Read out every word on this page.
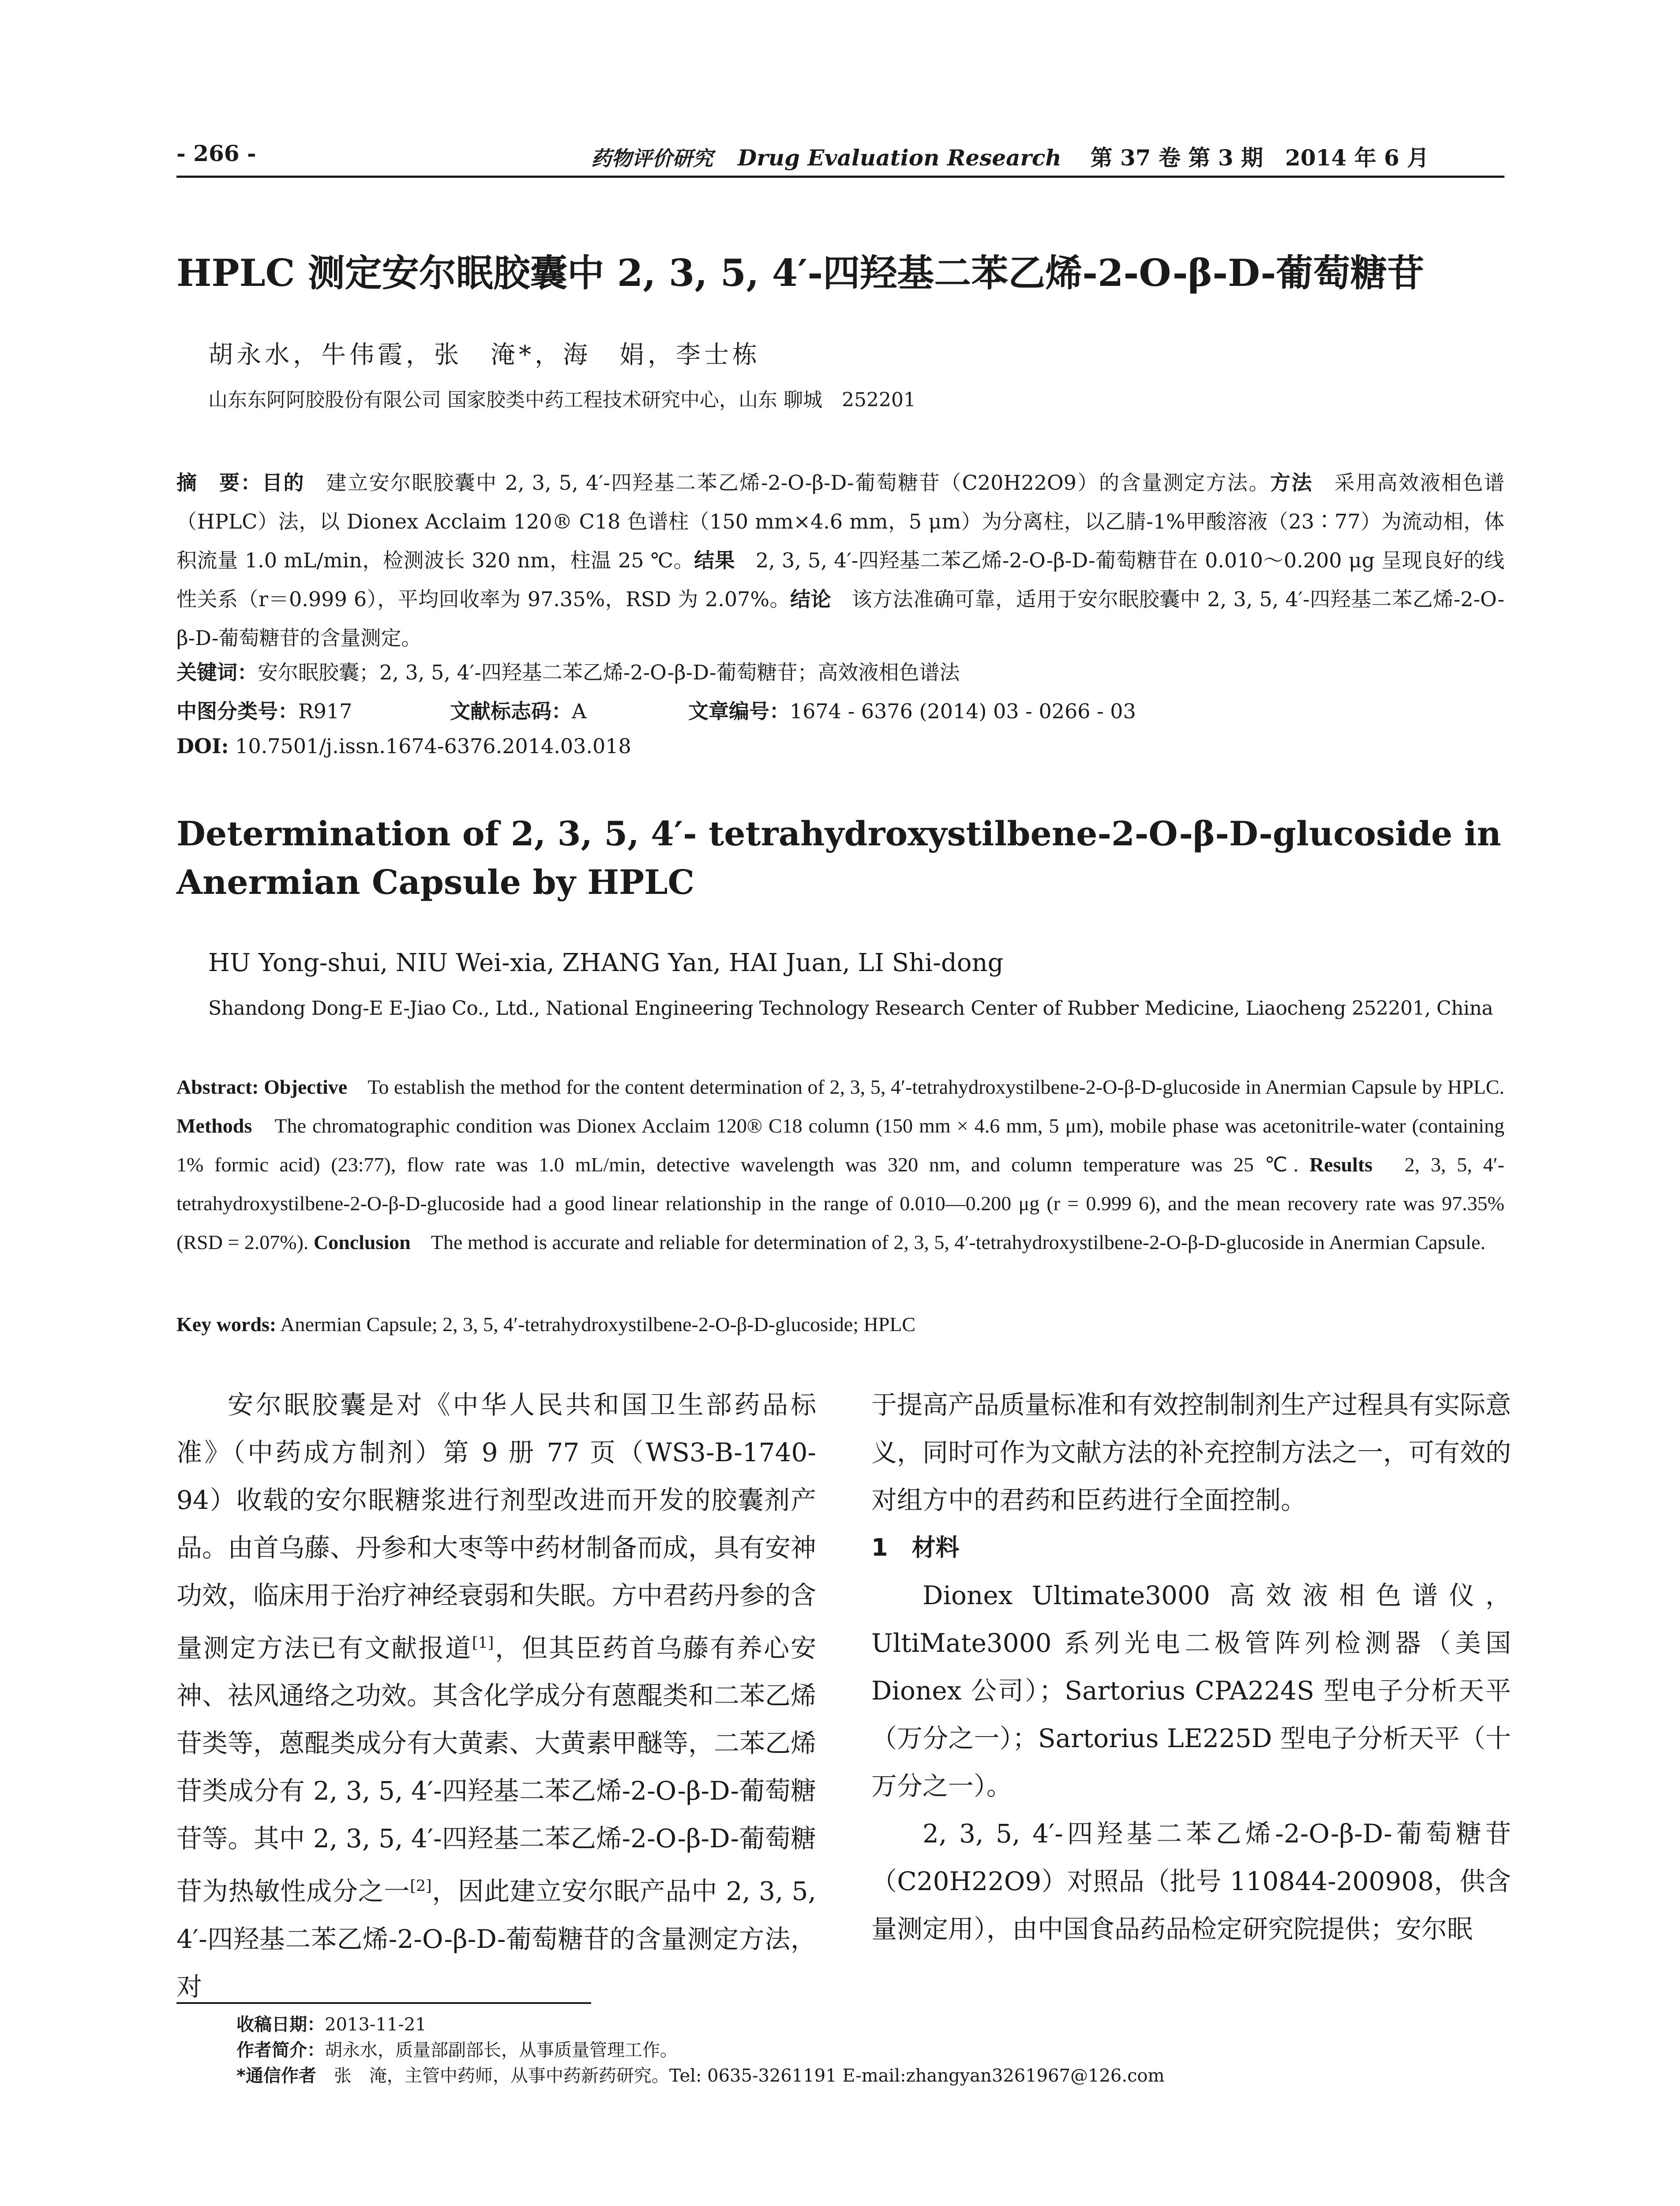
- 266 -	药物评价研究 Drug Evaluation Research 第 37 卷 第 3 期　2014 年 6 月
HPLC 测定安尔眠胶囊中 2, 3, 5, 4′-四羟基二苯乙烯-2-O-β-D-葡萄糖苷
胡永水，牛伟霞，张　淹*，海　娟，李士栋
山东东阿阿胶股份有限公司 国家胶类中药工程技术研究中心，山东 聊城　252201
摘　要：目的　建立安尔眠胶囊中 2, 3, 5, 4′-四羟基二苯乙烯-2-O-β-D-葡萄糖苷（C20H22O9）的含量测定方法。方法　采用高效液相色谱（HPLC）法，以 Dionex Acclaim 120® C18 色谱柱（150 mm×4.6 mm，5 μm）为分离柱，以乙腈-1%甲酸溶液（23∶77）为流动相，体积流量 1.0 mL/min，检测波长 320 nm，柱温 25 ℃。结果　2, 3, 5, 4′-四羟基二苯乙烯-2-O-β-D-葡萄糖苷在 0.010～0.200 μg 呈现良好的线性关系（r＝0.999 6），平均回收率为 97.35%，RSD 为 2.07%。结论　该方法准确可靠，适用于安尔眠胶囊中 2, 3, 5, 4′-四羟基二苯乙烯-2-O-β-D-葡萄糖苷的含量测定。
关键词：安尔眠胶囊；2, 3, 5, 4′-四羟基二苯乙烯-2-O-β-D-葡萄糖苷；高效液相色谱法
中图分类号：R917	文献标志码：A	文章编号：1674 - 6376 (2014) 03 - 0266 - 03
DOI: 10.7501/j.issn.1674-6376.2014.03.018
Determination of 2, 3, 5, 4′- tetrahydroxystilbene-2-O-β-D-glucoside in Anermian Capsule by HPLC
HU Yong-shui, NIU Wei-xia, ZHANG Yan, HAI Juan, LI Shi-dong
Shandong Dong-E E-Jiao Co., Ltd., National Engineering Technology Research Center of Rubber Medicine, Liaocheng 252201, China
Abstract: Objective　To establish the method for the content determination of 2, 3, 5, 4′-tetrahydroxystilbene-2-O-β-D-glucoside in Anermian Capsule by HPLC. Methods　The chromatographic condition was Dionex Acclaim 120® C18 column (150 mm × 4.6 mm, 5 μm), mobile phase was acetonitrile-water (containing 1% formic acid) (23:77), flow rate was 1.0 mL/min, detective wavelength was 320 nm, and column temperature was 25 ℃. Results　2, 3, 5, 4′-tetrahydroxystilbene-2-O-β-D-glucoside had a good linear relationship in the range of 0.010—0.200 μg (r = 0.999 6), and the mean recovery rate was 97.35% (RSD = 2.07%). Conclusion　The method is accurate and reliable for determination of 2, 3, 5, 4′-tetrahydroxystilbene-2-O-β-D-glucoside in Anermian Capsule.
Key words: Anermian Capsule; 2, 3, 5, 4′-tetrahydroxystilbene-2-O-β-D-glucoside; HPLC
安尔眠胶囊是对《中华人民共和国卫生部药品标准》（中药成方制剂）第 9 册 77 页（WS3-B-1740-94）收载的安尔眠糖浆进行剂型改进而开发的胶囊剂产品。由首乌藤、丹参和大枣等中药材制备而成，具有安神功效，临床用于治疗神经衰弱和失眠。方中君药丹参的含量测定方法已有文献报道[1]，但其臣药首乌藤有养心安神、祛风通络之功效。其含化学成分有蒽醌类和二苯乙烯苷类等，蒽醌类成分有大黄素、大黄素甲醚等，二苯乙烯苷类成分有 2, 3, 5, 4′-四羟基二苯乙烯-2-O-β-D-葡萄糖苷等。其中 2, 3, 5, 4′-四羟基二苯乙烯-2-O-β-D-葡萄糖苷为热敏性成分之一[2]，因此建立安尔眠产品中 2, 3, 5, 4′-四羟基二苯乙烯-2-O-β-D-葡萄糖苷的含量测定方法，对
于提高产品质量标准和有效控制制剂生产过程具有实际意义，同时可作为文献方法的补充控制方法之一，可有效的对组方中的君药和臣药进行全面控制。
1　材料
Dionex Ultimate3000 高效液相色谱仪，UltiMate3000 系列光电二极管阵列检测器（美国 Dionex 公司）；Sartorius CPA224S 型电子分析天平（万分之一）；Sartorius LE225D 型电子分析天平（十万分之一）。
2, 3, 5, 4′-四羟基二苯乙烯-2-O-β-D-葡萄糖苷（C20H22O9）对照品（批号 110844-200908，供含量测定用），由中国食品药品检定研究院提供；安尔眠
收稿日期：2013-11-21
作者简介：胡永水，质量部副部长，从事质量管理工作。
*通信作者　张　淹，主管中药师，从事中药新药研究。Tel: 0635-3261191 E-mail:zhangyan3261967@126.com
